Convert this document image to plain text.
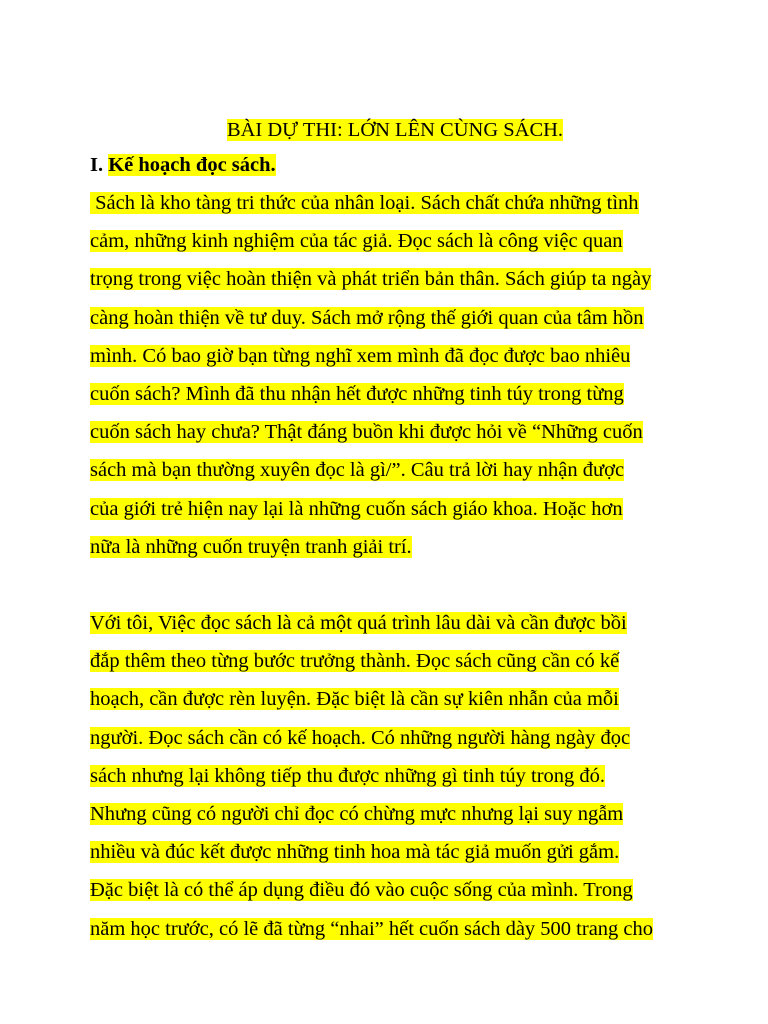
BÀI DỰ THI: LỚN LÊN CÙNG SÁCH.
I. Kế hoạch đọc sách.
Sách là kho tàng tri thức của nhân loại. Sách chất chứa những tình
cảm, những kinh nghiệm của tác giả. Đọc sách là công việc quan
trọng trong việc hoàn thiện và phát triển bản thân. Sách giúp ta ngày
càng hoàn thiện về tư duy. Sách mở rộng thế giới quan của tâm hồn
mình. Có bao giờ bạn từng nghĩ xem mình đã đọc được bao nhiêu
cuốn sách? Mình đã thu nhận hết được những tinh túy trong từng
cuốn sách hay chưa? Thật đáng buồn khi được hỏi về “Những cuốn
sách mà bạn thường xuyên đọc là gì/”. Câu trả lời hay nhận được
của giới trẻ hiện nay lại là những cuốn sách giáo khoa. Hoặc hơn
nữa là những cuốn truyện tranh giải trí.
Với tôi, Việc đọc sách là cả một quá trình lâu dài và cần được bồi
đắp thêm theo từng bước trưởng thành. Đọc sách cũng cần có kế
hoạch, cần được rèn luyện. Đặc biệt là cần sự kiên nhẫn của mỗi
người. Đọc sách cần có kế hoạch. Có những người hàng ngày đọc
sách nhưng lại không tiếp thu được những gì tinh túy trong đó.
Nhưng cũng có người chỉ đọc có chừng mực nhưng lại suy ngẫm
nhiều và đúc kết được những tinh hoa mà tác giả muốn gửi gắm.
Đặc biệt là có thể áp dụng điều đó vào cuộc sống của mình. Trong
năm học trước, có lẽ đã từng “nhai” hết cuốn sách dày 500 trang cho
